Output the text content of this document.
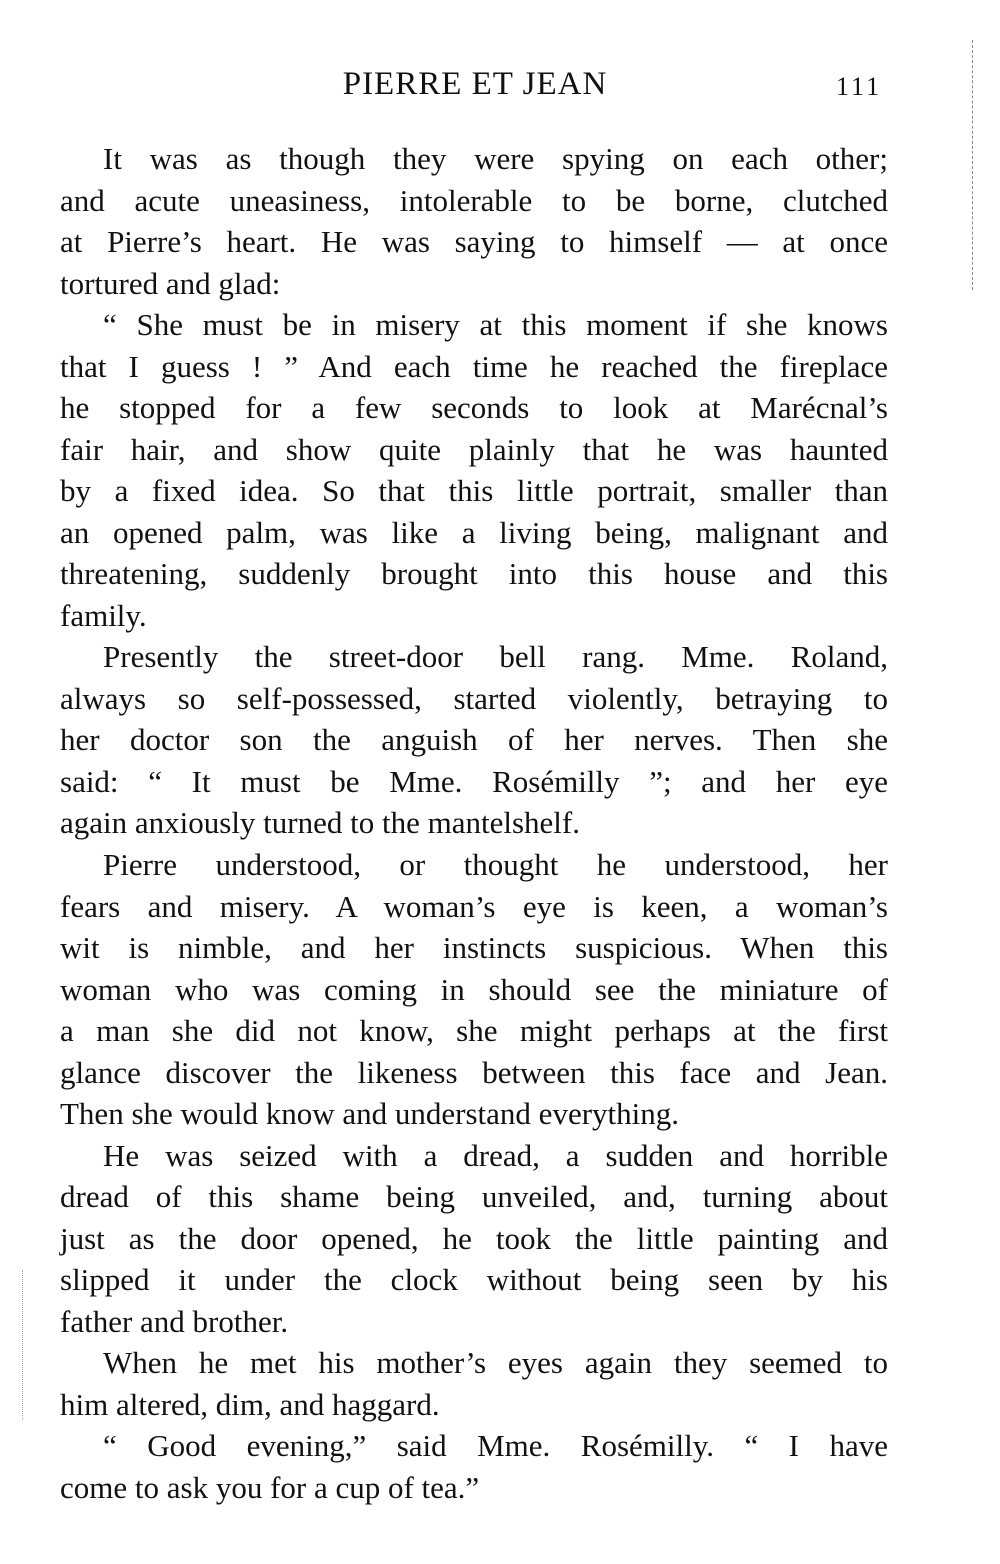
PIERRE ET JEAN	111
It was as though they were spying on each other;
and acute uneasiness, intolerable to be borne, clutched
at Pierre’s heart. He was saying to himself — at once
tortured and glad:
“ She must be in misery at this moment if she knows
that I guess ! ” And each time he reached the fireplace
he stopped for a few seconds to look at Marécnal’s
fair hair, and show quite plainly that he was haunted
by a fixed idea. So that this little portrait, smaller than
an opened palm, was like a living being, malignant and
threatening, suddenly brought into this house and this
family.
Presently the street-door bell rang. Mme. Roland,
always so self-possessed, started violently, betraying to
her doctor son the anguish of her nerves. Then she
said: “ It must be Mme. Rosémilly ”; and her eye
again anxiously turned to the mantelshelf.
Pierre understood, or thought he understood, her
fears and misery. A woman’s eye is keen, a woman’s
wit is nimble, and her instincts suspicious. When this
woman who was coming in should see the miniature of
a man she did not know, she might perhaps at the first
glance discover the likeness between this face and Jean.
Then she would know and understand everything.
He was seized with a dread, a sudden and horrible
dread of this shame being unveiled, and, turning about
just as the door opened, he took the little painting and
slipped it under the clock without being seen by his
father and brother.
When he met his mother’s eyes again they seemed to
him altered, dim, and haggard.
“ Good evening,” said Mme. Rosémilly. “ I have
come to ask you for a cup of tea.”
